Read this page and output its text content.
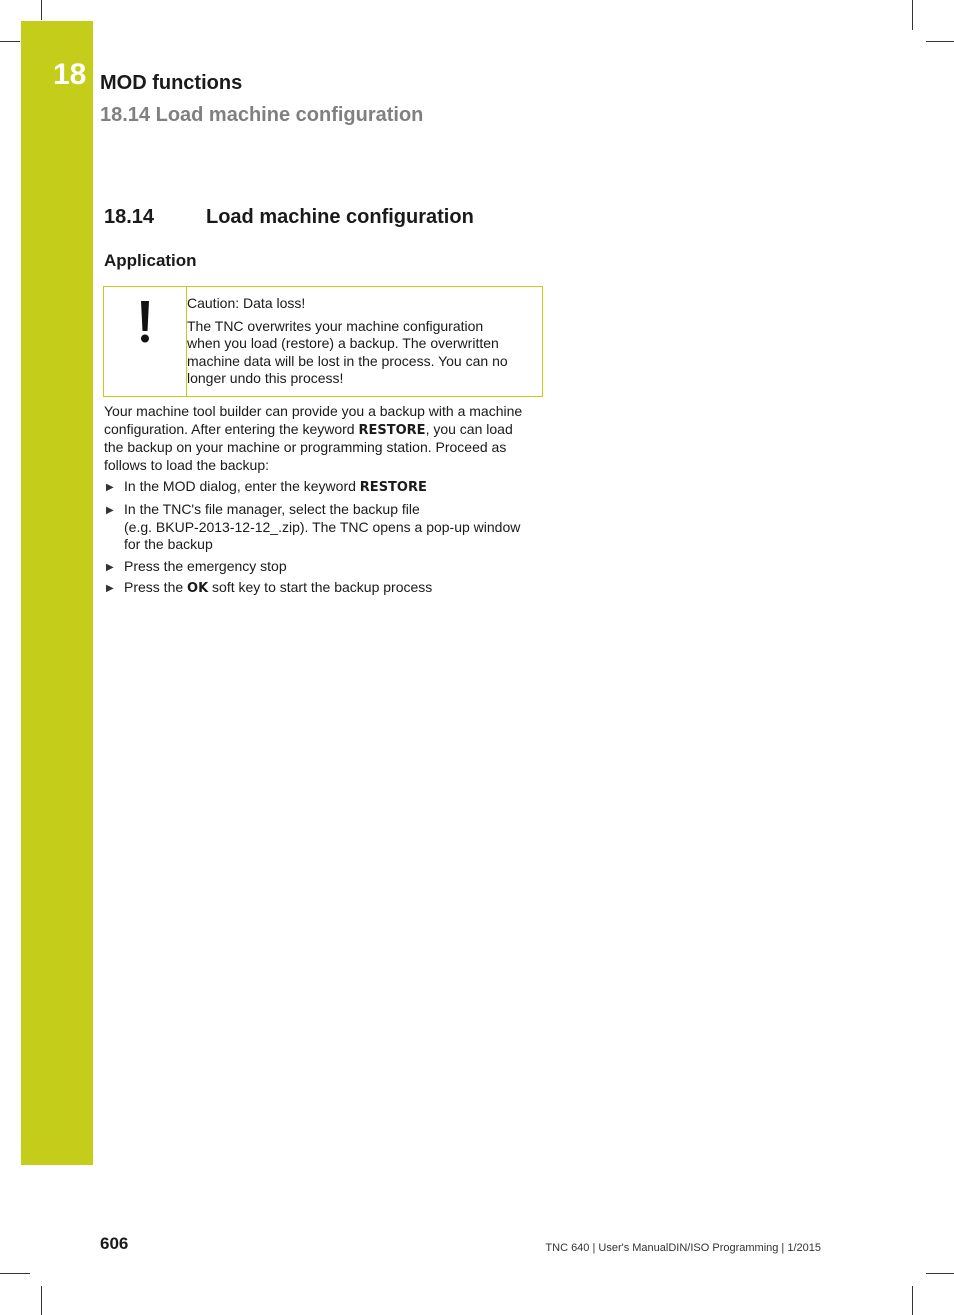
18 MOD functions
18.14 Load machine configuration
18.14	Load machine configuration
Application

Caution: Data loss!

The TNC overwrites your machine configuration

when you load (restore) a backup. The overwritten

machine data will be lost in the process. You can no

longer undo this process!

Your machine tool builder can provide you a backup with a machine

configuration. After entering the keyword RESTORE, you can load

the backup on your machine or programming station. Proceed as

follows to load the backup:

▶ In the MOD dialog, enter the keyword RESTORE
▶ In the TNC's file manager, select the backup file
(e.g. BKUP-2013-12-12_.zip). The TNC opens a pop-up window
for the backup
▶ Press the emergency stop
▶ Press the OK soft key to start the backup process
606	TNC 640 | User's ManualDIN/ISO Programming | 1/2015
